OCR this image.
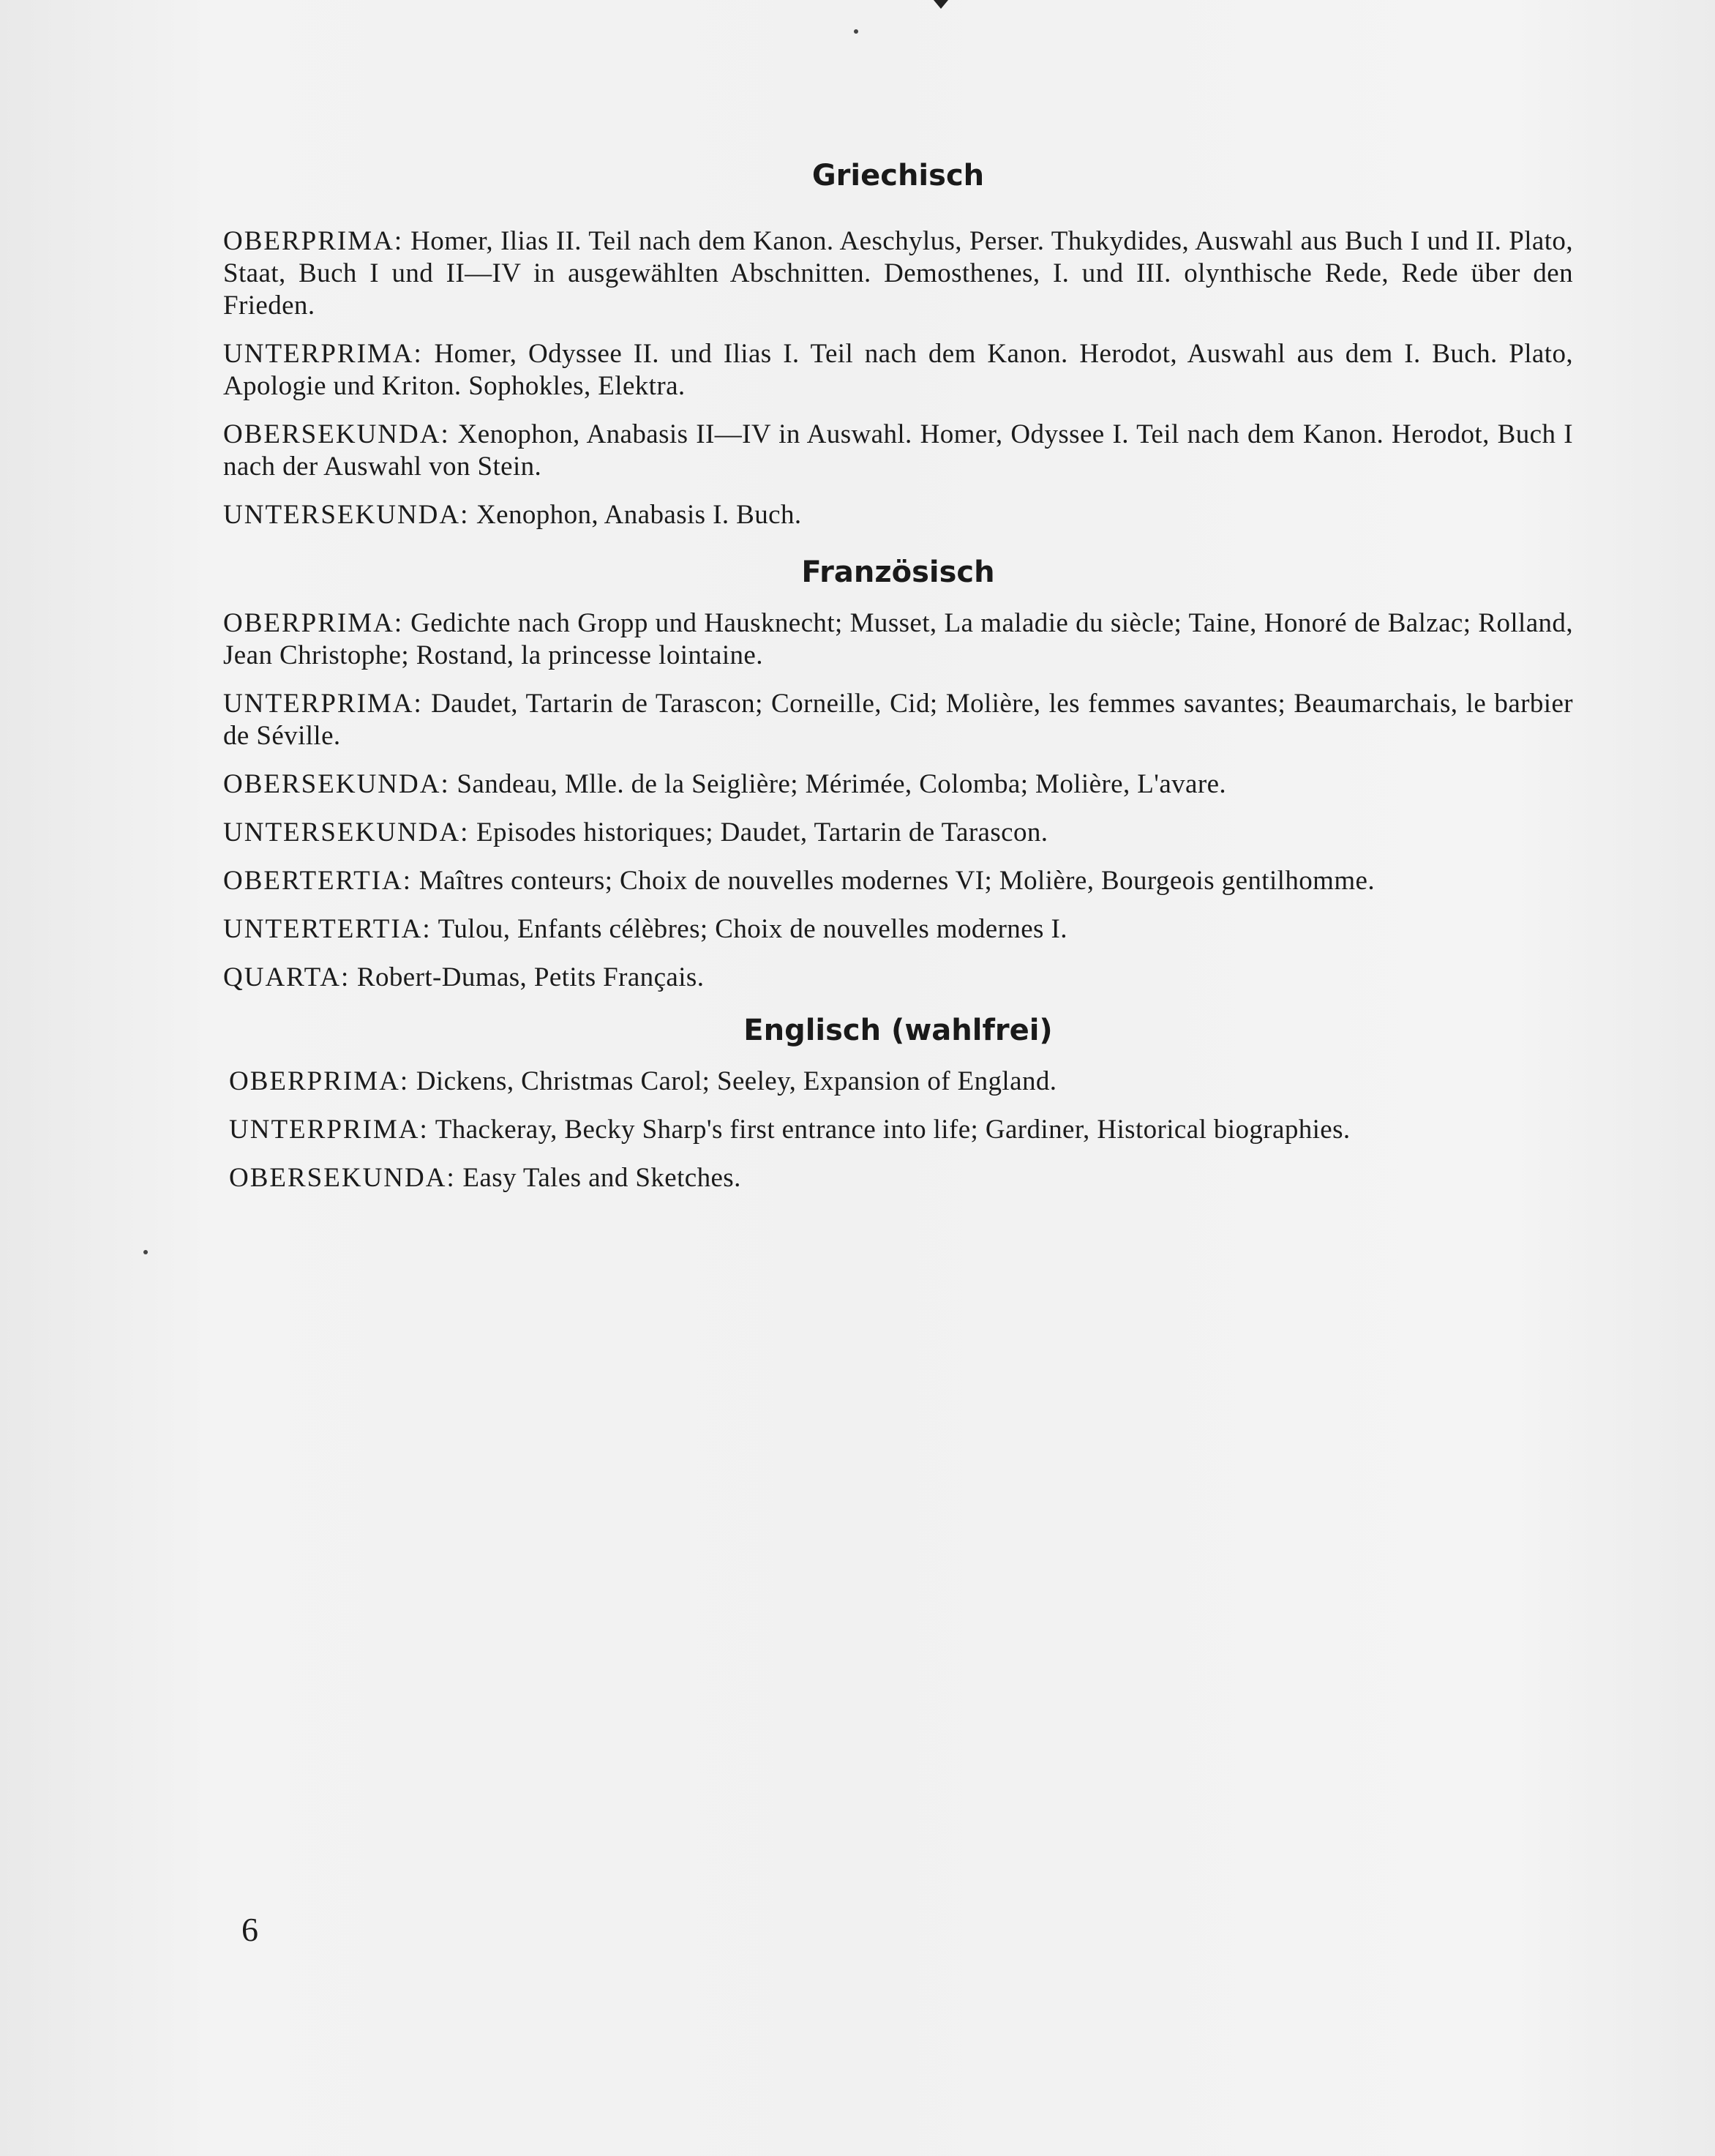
Griechisch

OBERPRIMA: Homer, Ilias II. Teil nach dem Kanon. Aeschylus, Perser. Thukydides, Auswahl aus Buch I und II. Plato, Staat, Buch I und II—IV in ausgewählten Abschnitten. Demosthenes, I. und III. olynthische Rede, Rede über den Frieden.

UNTERPRIMA: Homer, Odyssee II. und Ilias I. Teil nach dem Kanon. Herodot, Auswahl aus dem I. Buch. Plato, Apologie und Kriton. Sophokles, Elektra.

OBERSEKUNDA: Xenophon, Anabasis II—IV in Auswahl. Homer, Odyssee I. Teil nach dem Kanon. Herodot, Buch I nach der Auswahl von Stein.

UNTERSEKUNDA: Xenophon, Anabasis I. Buch.

Französisch

OBERPRIMA: Gedichte nach Gropp und Hausknecht; Musset, La maladie du siècle; Taine, Honoré de Balzac; Rolland, Jean Christophe; Rostand, la princesse lointaine.

UNTERPRIMA: Daudet, Tartarin de Tarascon; Corneille, Cid; Molière, les femmes savantes; Beaumarchais, le barbier de Séville.

OBERSEKUNDA: Sandeau, Mlle. de la Seiglière; Mérimée, Colomba; Molière, L'avare.

UNTERSEKUNDA: Episodes historiques; Daudet, Tartarin de Tarascon.

OBERTERTIA: Maîtres conteurs; Choix de nouvelles modernes VI; Molière, Bourgeois gentilhomme.

UNTERTERTIA: Tulou, Enfants célèbres; Choix de nouvelles modernes I.

QUARTA: Robert-Dumas, Petits Français.

Englisch (wahlfrei)

OBERPRIMA: Dickens, Christmas Carol; Seeley, Expansion of England.

UNTERPRIMA: Thackeray, Becky Sharp's first entrance into life; Gardiner, Historical biographies.

OBERSEKUNDA: Easy Tales and Sketches.

6
